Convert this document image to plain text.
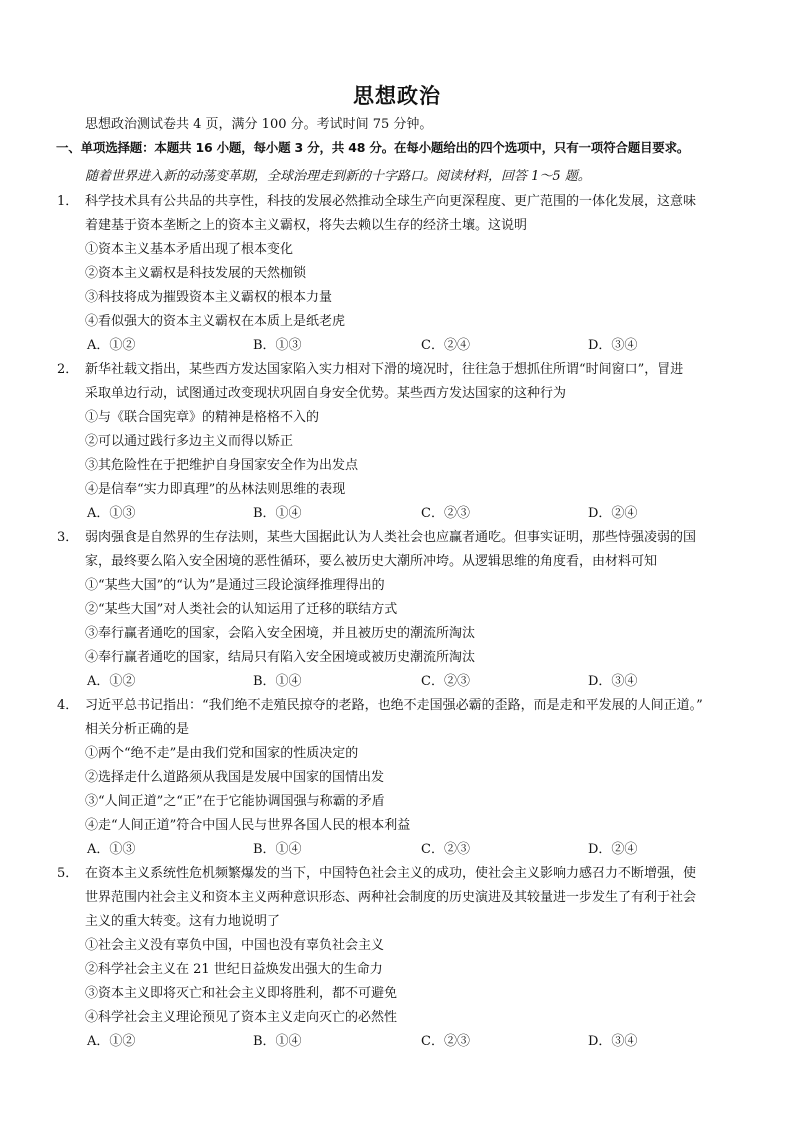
思想政治
思想政治测试卷共 4 页，满分 100 分。考试时间 75 分钟。
一、单项选择题：本题共 16 小题，每小题 3 分，共 48 分。在每小题给出的四个选项中，只有一项符合题目要求。
随着世界进入新的动荡变革期，全球治理走到新的十字路口。阅读材料，回答 1～5 题。
1． 科学技术具有公共品的共享性，科技的发展必然推动全球生产向更深程度、更广范围的一体化发展，这意味
着建基于资本垄断之上的资本主义霸权，将失去赖以生存的经济土壤。这说明
①资本主义基本矛盾出现了根本变化
②资本主义霸权是科技发展的天然枷锁
③科技将成为摧毁资本主义霸权的根本力量
④看似强大的资本主义霸权在本质上是纸老虎
A．①②	B．①③	C．②④	D．③④
2． 新华社载文指出，某些西方发达国家陷入实力相对下滑的境况时，往往急于想抓住所谓“时间窗口”，冒进
采取单边行动，试图通过改变现状巩固自身安全优势。某些西方发达国家的这种行为
①与《联合国宪章》的精神是格格不入的
②可以通过践行多边主义而得以矫正
③其危险性在于把维护自身国家安全作为出发点
④是信奉“实力即真理”的丛林法则思维的表现
A．①③	B．①④	C．②③	D．②④
3． 弱肉强食是自然界的生存法则，某些大国据此认为人类社会也应赢者通吃。但事实证明，那些恃强凌弱的国
家，最终要么陷入安全困境的恶性循环，要么被历史大潮所冲垮。从逻辑思维的角度看，由材料可知
①“某些大国”的“认为”是通过三段论演绎推理得出的
②“某些大国”对人类社会的认知运用了迁移的联结方式
③奉行赢者通吃的国家，会陷入安全困境，并且被历史的潮流所淘汰
④奉行赢者通吃的国家，结局只有陷入安全困境或被历史潮流所淘汰
A．①②	B．①④	C．②③	D．③④
4． 习近平总书记指出：“我们绝不走殖民掠夺的老路，也绝不走国强必霸的歪路，而是走和平发展的人间正道。”
相关分析正确的是
①两个“绝不走”是由我们党和国家的性质决定的
②选择走什么道路须从我国是发展中国家的国情出发
③“人间正道”之“正”在于它能协调国强与称霸的矛盾
④走“人间正道”符合中国人民与世界各国人民的根本利益
A．①③	B．①④	C．②③	D．②④
5． 在资本主义系统性危机频繁爆发的当下，中国特色社会主义的成功，使社会主义影响力感召力不断增强，使
世界范围内社会主义和资本主义两种意识形态、两种社会制度的历史演进及其较量进一步发生了有利于社会
主义的重大转变。这有力地说明了
①社会主义没有辜负中国，中国也没有辜负社会主义
②科学社会主义在 21 世纪日益焕发出强大的生命力
③资本主义即将灭亡和社会主义即将胜利，都不可避免
④科学社会主义理论预见了资本主义走向灭亡的必然性
A．①②	B．①④	C．②③	D．③④
